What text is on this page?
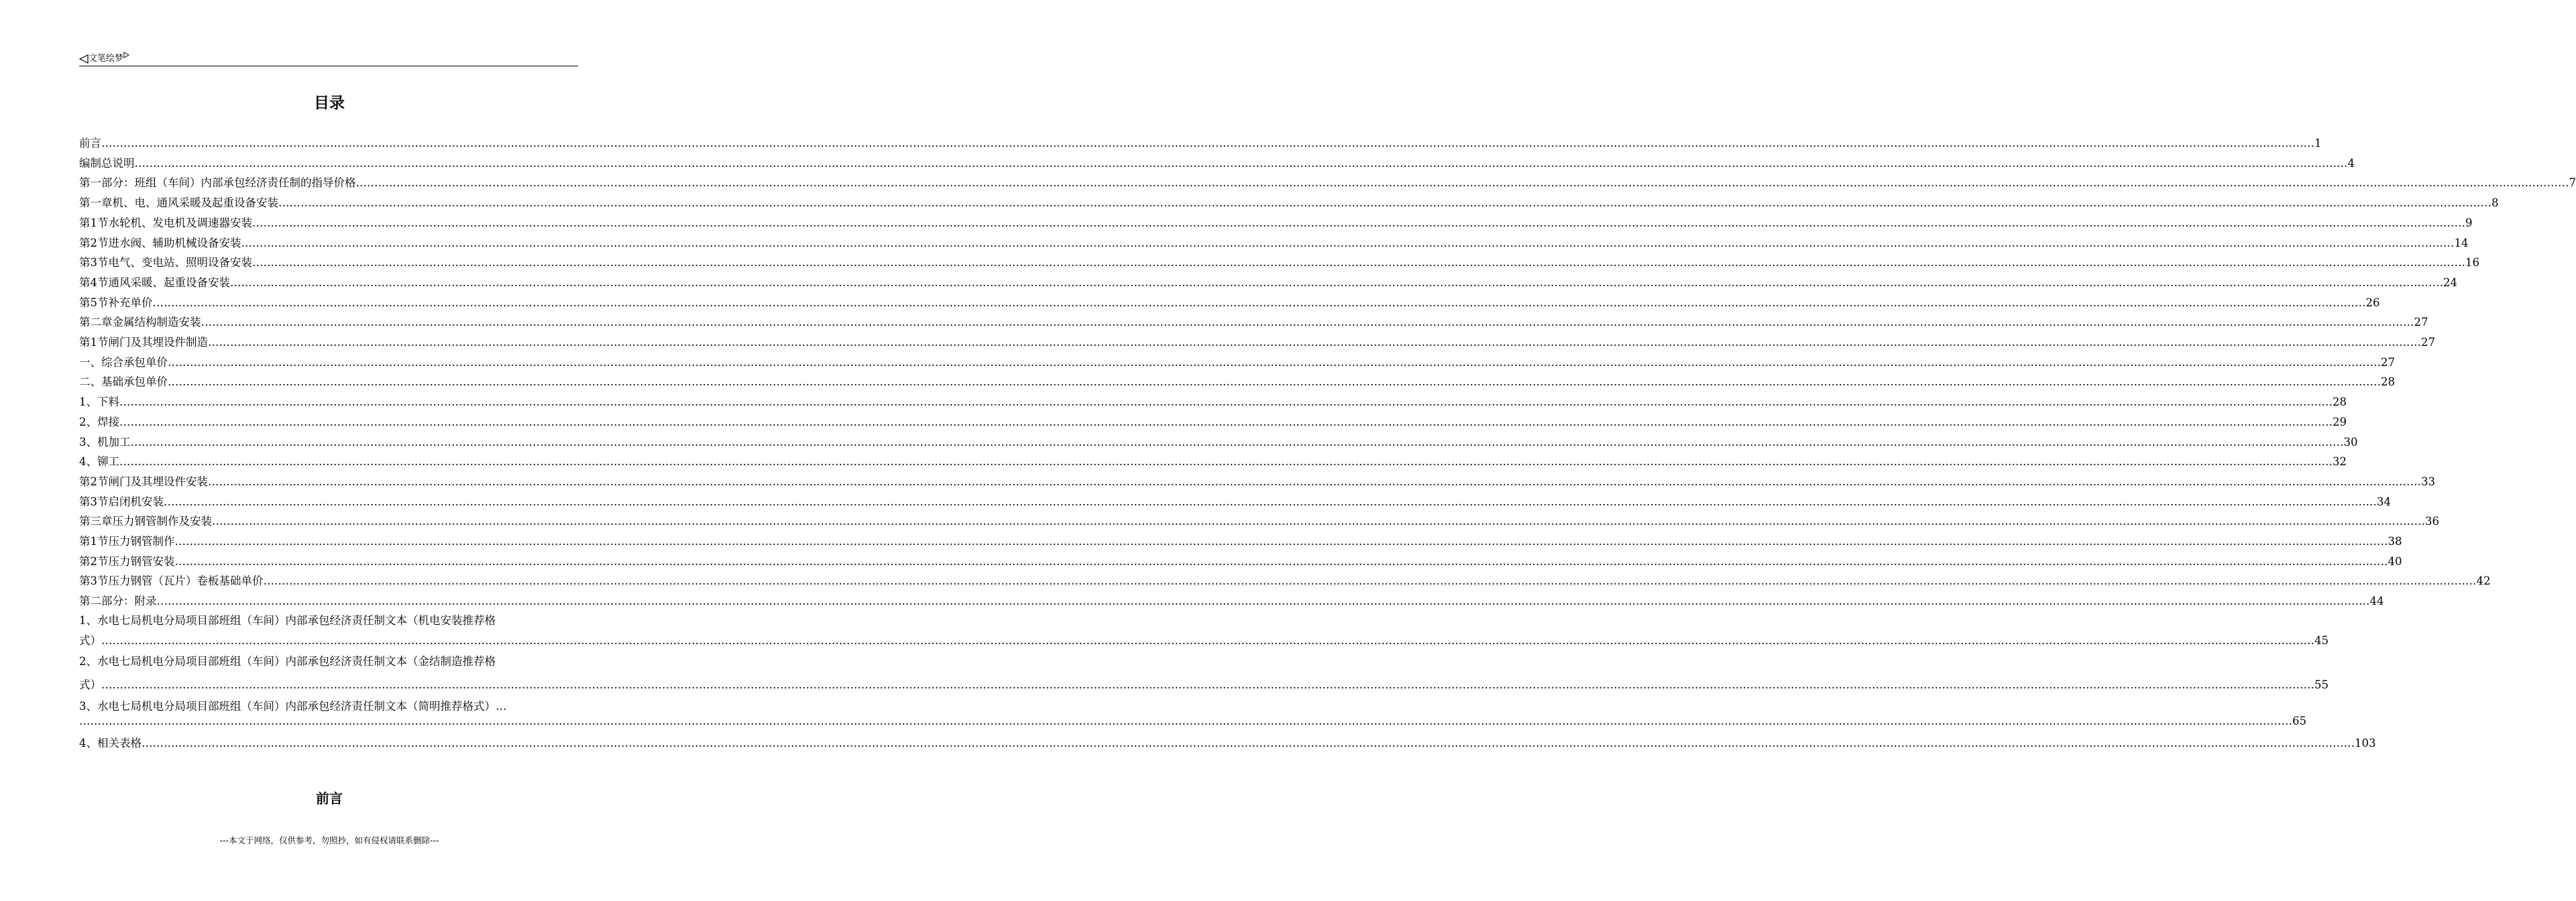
文笔绘梦
目录
前言 …………………………………………………………………………………………………………………………………………………………………………………………………………………………………………………………………………………………………………………………………………………………………………………………………………………………………………………………………………………………………………………………………………………… 1
编制总说明 …………………………………………………………………………………………………………………………………………………………………………………………………………………………………………………………………………………………………………………………………………………………………………………………………………………………………………………………………………………………………………………………………………………… 4
第一部分：班组（车间）内部承包经济责任制的指导价格 …………………………………………………………………………………………………………………………………………………………………………………………………………………………………………………………………………………………………………………………………………………………………………………………………………………………………………………………………………………………………………………………………………………… 7
第一章机、电、通风采暖及起重设备安装 …………………………………………………………………………………………………………………………………………………………………………………………………………………………………………………………………………………………………………………………………………………………………………………………………………………………………………………………………………………………………………………………………………………… 8
第1节水轮机、发电机及调速器安装 …………………………………………………………………………………………………………………………………………………………………………………………………………………………………………………………………………………………………………………………………………………………………………………………………………………………………………………………………………………………………………………………………………………… 9
第2节进水阀、辅助机械设备安装 …………………………………………………………………………………………………………………………………………………………………………………………………………………………………………………………………………………………………………………………………………………………………………………………………………………………………………………………………………………………………………………………………………………… 14
第3节电气、变电站、照明设备安装 …………………………………………………………………………………………………………………………………………………………………………………………………………………………………………………………………………………………………………………………………………………………………………………………………………………………………………………………………………………………………………………………………………………… 16
第4节通风采暖、起重设备安装 …………………………………………………………………………………………………………………………………………………………………………………………………………………………………………………………………………………………………………………………………………………………………………………………………………………………………………………………………………………………………………………………………………………… 24
第5节补充单价 …………………………………………………………………………………………………………………………………………………………………………………………………………………………………………………………………………………………………………………………………………………………………………………………………………………………………………………………………………………………………………………………………………………… 26
第二章金属结构制造安装 …………………………………………………………………………………………………………………………………………………………………………………………………………………………………………………………………………………………………………………………………………………………………………………………………………………………………………………………………………………………………………………………………………………… 27
第1节闸门及其埋设件制造 …………………………………………………………………………………………………………………………………………………………………………………………………………………………………………………………………………………………………………………………………………………………………………………………………………………………………………………………………………………………………………………………………………………… 27
一、综合承包单价 …………………………………………………………………………………………………………………………………………………………………………………………………………………………………………………………………………………………………………………………………………………………………………………………………………………………………………………………………………………………………………………………………………………… 27
二、基础承包单价 …………………………………………………………………………………………………………………………………………………………………………………………………………………………………………………………………………………………………………………………………………………………………………………………………………………………………………………………………………………………………………………………………………………… 28
1、下料 …………………………………………………………………………………………………………………………………………………………………………………………………………………………………………………………………………………………………………………………………………………………………………………………………………………………………………………………………………………………………………………………………………………… 28
2、焊接 …………………………………………………………………………………………………………………………………………………………………………………………………………………………………………………………………………………………………………………………………………………………………………………………………………………………………………………………………………………………………………………………………………………… 29
3、机加工 …………………………………………………………………………………………………………………………………………………………………………………………………………………………………………………………………………………………………………………………………………………………………………………………………………………………………………………………………………………………………………………………………………………… 30
4、铆工 …………………………………………………………………………………………………………………………………………………………………………………………………………………………………………………………………………………………………………………………………………………………………………………………………………………………………………………………………………………………………………………………………………………… 32
第2节闸门及其埋设件安装 …………………………………………………………………………………………………………………………………………………………………………………………………………………………………………………………………………………………………………………………………………………………………………………………………………………………………………………………………………………………………………………………………………………… 33
第3节启闭机安装 …………………………………………………………………………………………………………………………………………………………………………………………………………………………………………………………………………………………………………………………………………………………………………………………………………………………………………………………………………………………………………………………………………………… 34
第三章压力钢管制作及安装 …………………………………………………………………………………………………………………………………………………………………………………………………………………………………………………………………………………………………………………………………………………………………………………………………………………………………………………………………………………………………………………………………………………… 36
第1节压力钢管制作 …………………………………………………………………………………………………………………………………………………………………………………………………………………………………………………………………………………………………………………………………………………………………………………………………………………………………………………………………………………………………………………………………………………… 38
第2节压力钢管安装 …………………………………………………………………………………………………………………………………………………………………………………………………………………………………………………………………………………………………………………………………………………………………………………………………………………………………………………………………………………………………………………………………………………… 40
第3节压力钢管（瓦片）卷板基础单价 …………………………………………………………………………………………………………………………………………………………………………………………………………………………………………………………………………………………………………………………………………………………………………………………………………………………………………………………………………………………………………………………………………………… 42
第二部分：附录 …………………………………………………………………………………………………………………………………………………………………………………………………………………………………………………………………………………………………………………………………………………………………………………………………………………………………………………………………………………………………………………………………………………… 44
1、水电七局机电分局项目部班组（车间）内部承包经济责任制文本（机电安装推荐格
式） …………………………………………………………………………………………………………………………………………………………………………………………………………………………………………………………………………………………………………………………………………………………………………………………………………………………………………………………………………………………………………………………………………………… 45
2、水电七局机电分局项目部班组（车间）内部承包经济责任制文本（金结制造推荐格
式） …………………………………………………………………………………………………………………………………………………………………………………………………………………………………………………………………………………………………………………………………………………………………………………………………………………………………………………………………………………………………………………………………………………… 55
3、水电七局机电分局项目部班组（车间）内部承包经济责任制文本（简明推荐格式）…
…………………………………………………………………………………………………………………………………………………………………………………………………………………………………………………………………………………………………………………………………………………………………………………………………………………………………………………………………………………………………………………………………………………… 65
4、相关表格 …………………………………………………………………………………………………………………………………………………………………………………………………………………………………………………………………………………………………………………………………………………………………………………………………………………………………………………………………………………………………………………………………………………… 103
前言
---本文于网络，仅供参考，勿照抄，如有侵权请联系删除---
